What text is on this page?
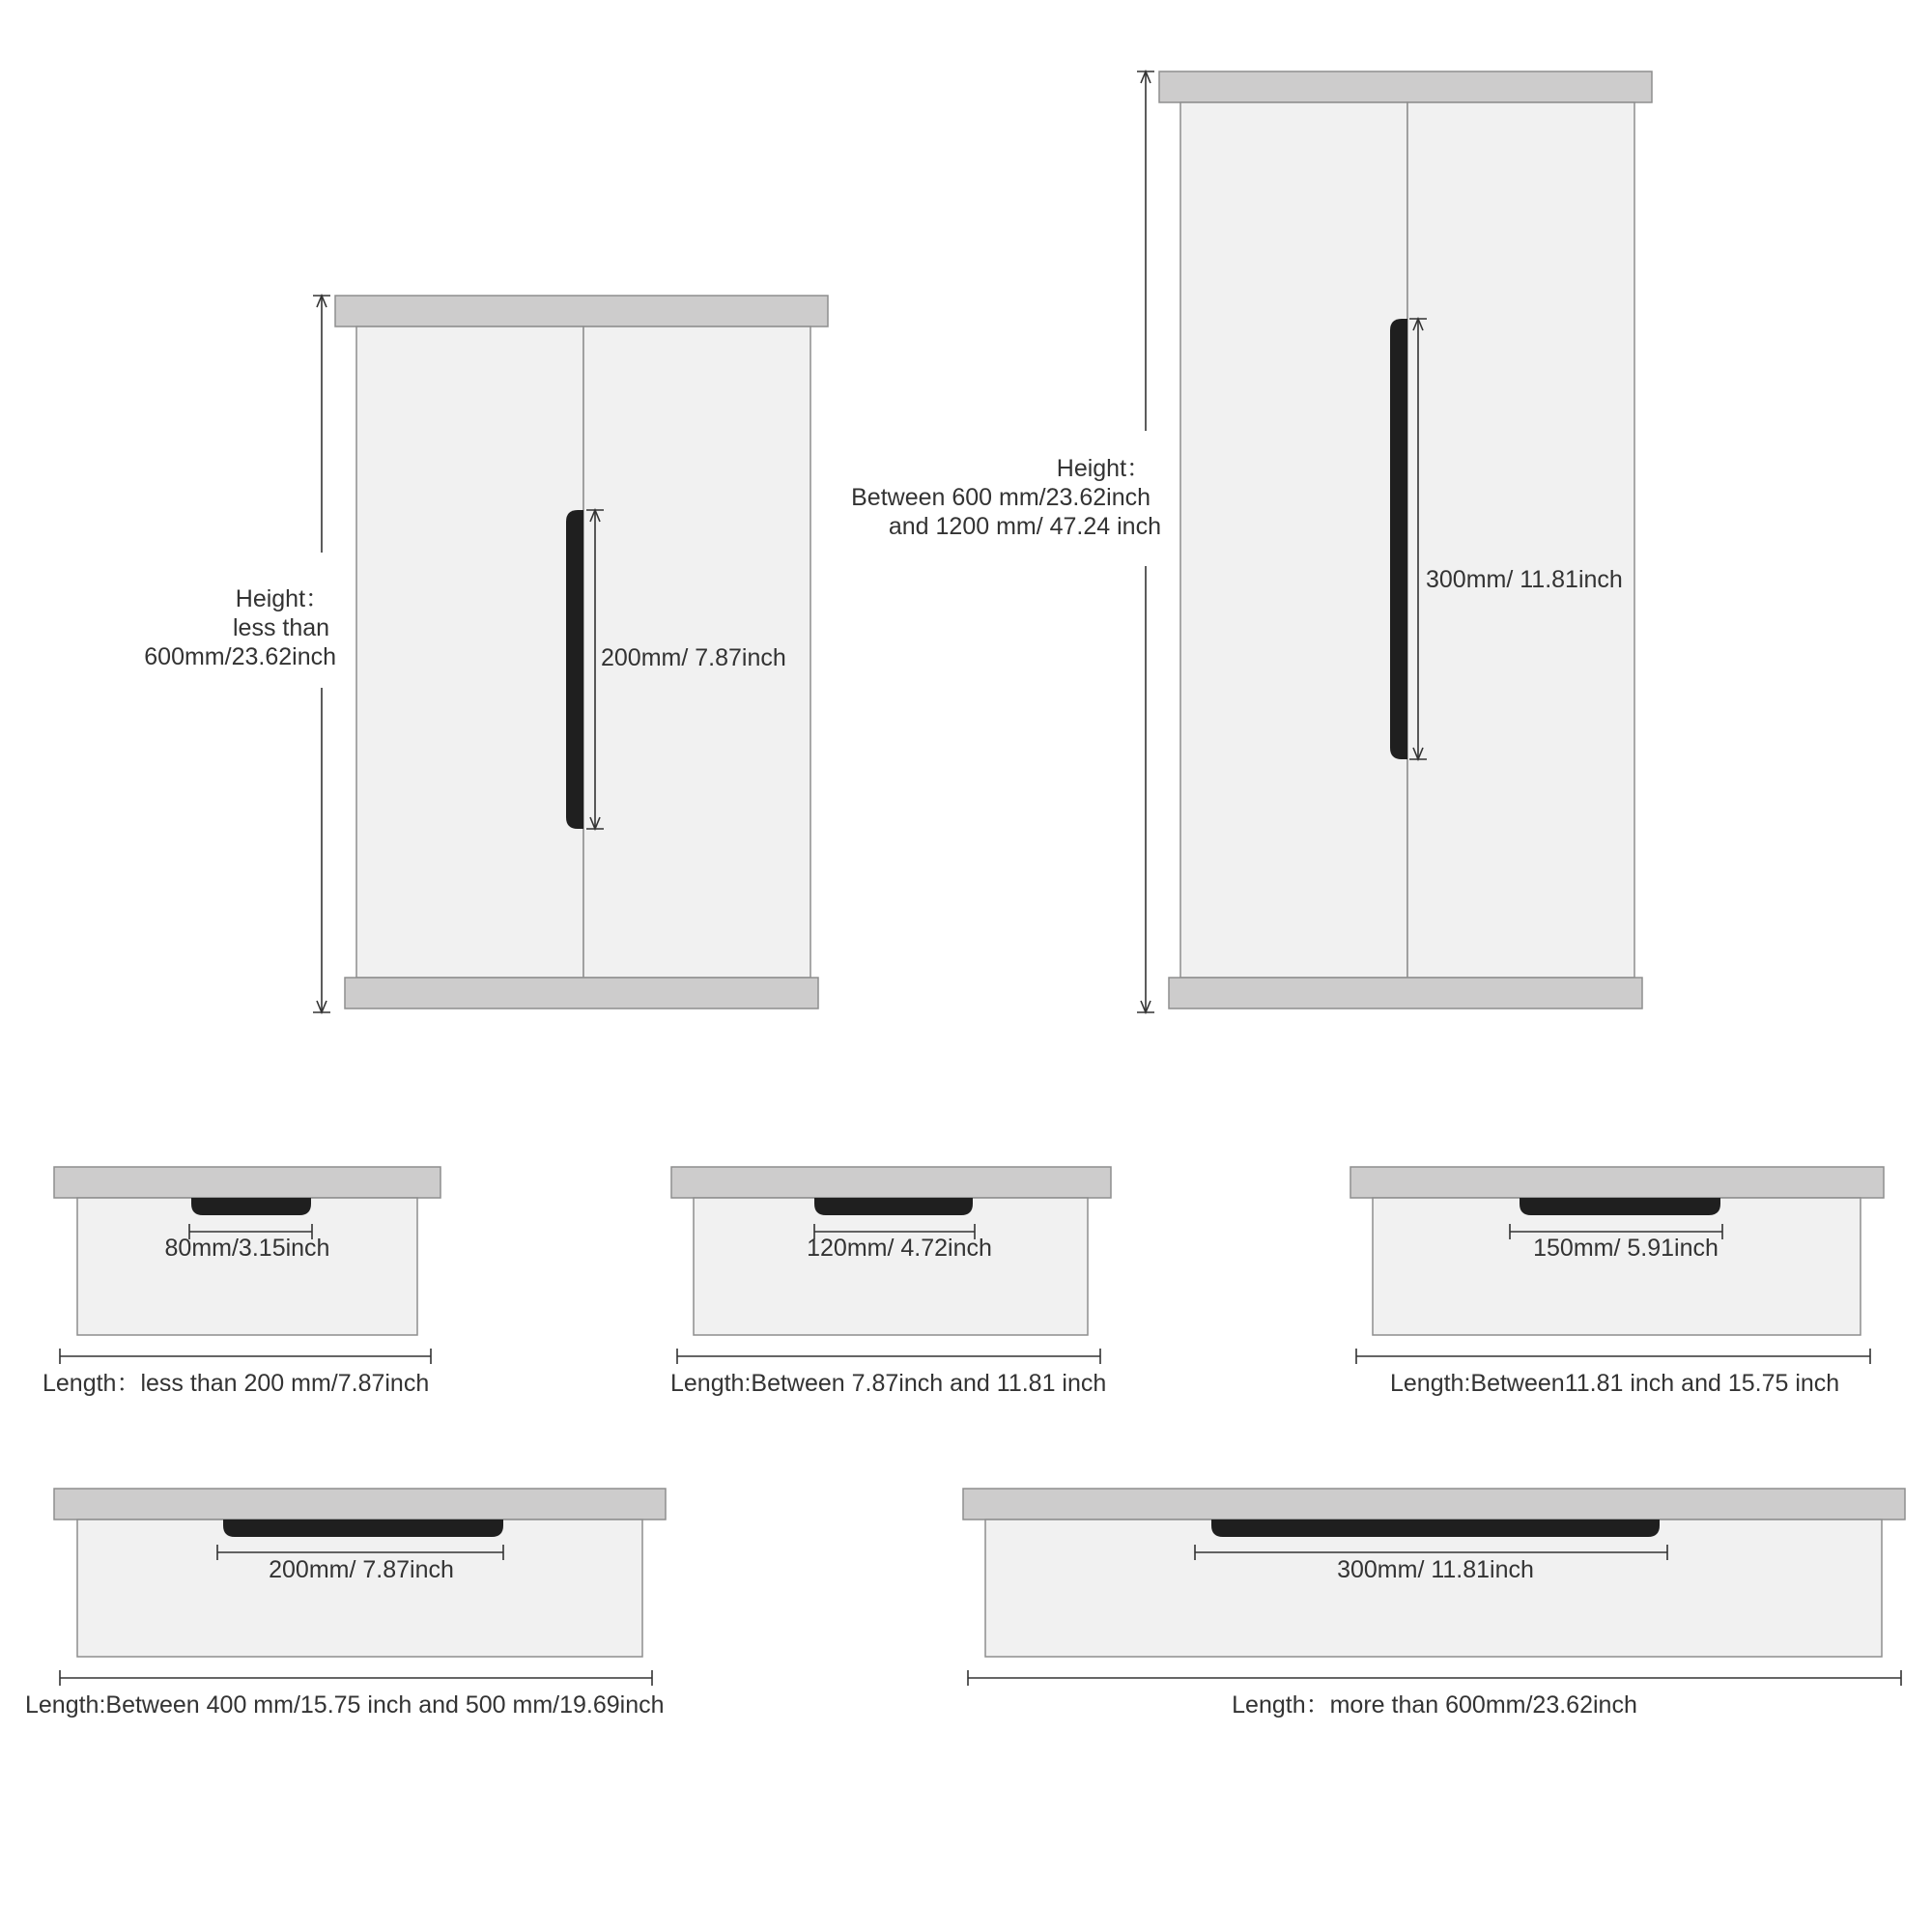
Height： less than 600mm/23.62inch	200mm/ 7.87inch
Height： Between 600 mm/23.62inch and 1200 mm/ 47.24 inch
300mm/ 11.81inch
80mm/3.15inch
Length：less than 200 mm/7.87inch
120mm/ 4.72inch
Length:Between 7.87inch and 11.81 inch
150mm/ 5.91inch
Length:Between11.81 inch and 15.75 inch
200mm/ 7.87inch
Length:Between 400 mm/15.75 inch and 500 mm/19.69inch
300mm/ 11.81inch
Length：more than 600mm/23.62inch
